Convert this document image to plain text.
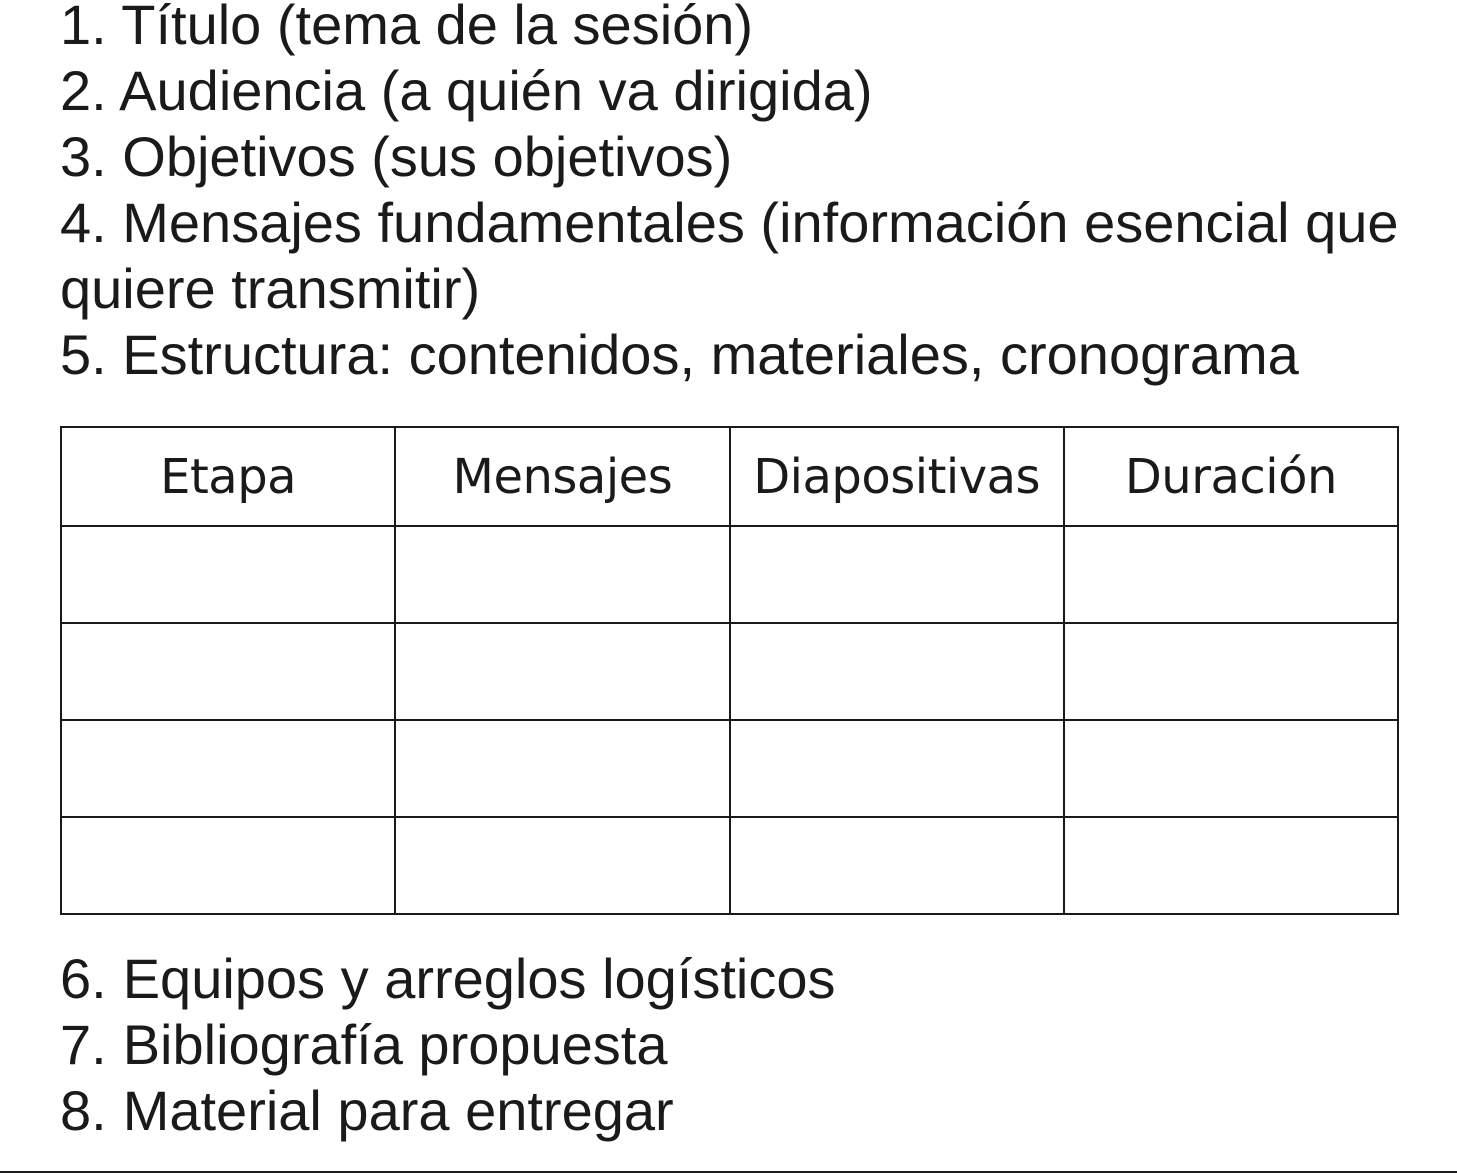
1. Título (tema de la sesión)
2. Audiencia (a quién va dirigida)
3. Objetivos (sus objetivos)
4. Mensajes fundamentales (información esencial que quiere transmitir)
5. Estructura: contenidos, materiales, cronograma
Etapa	Mensajes	Diapositivas	Duración

6. Equipos y arreglos logísticos
7. Bibliografía propuesta
8. Material para entregar
